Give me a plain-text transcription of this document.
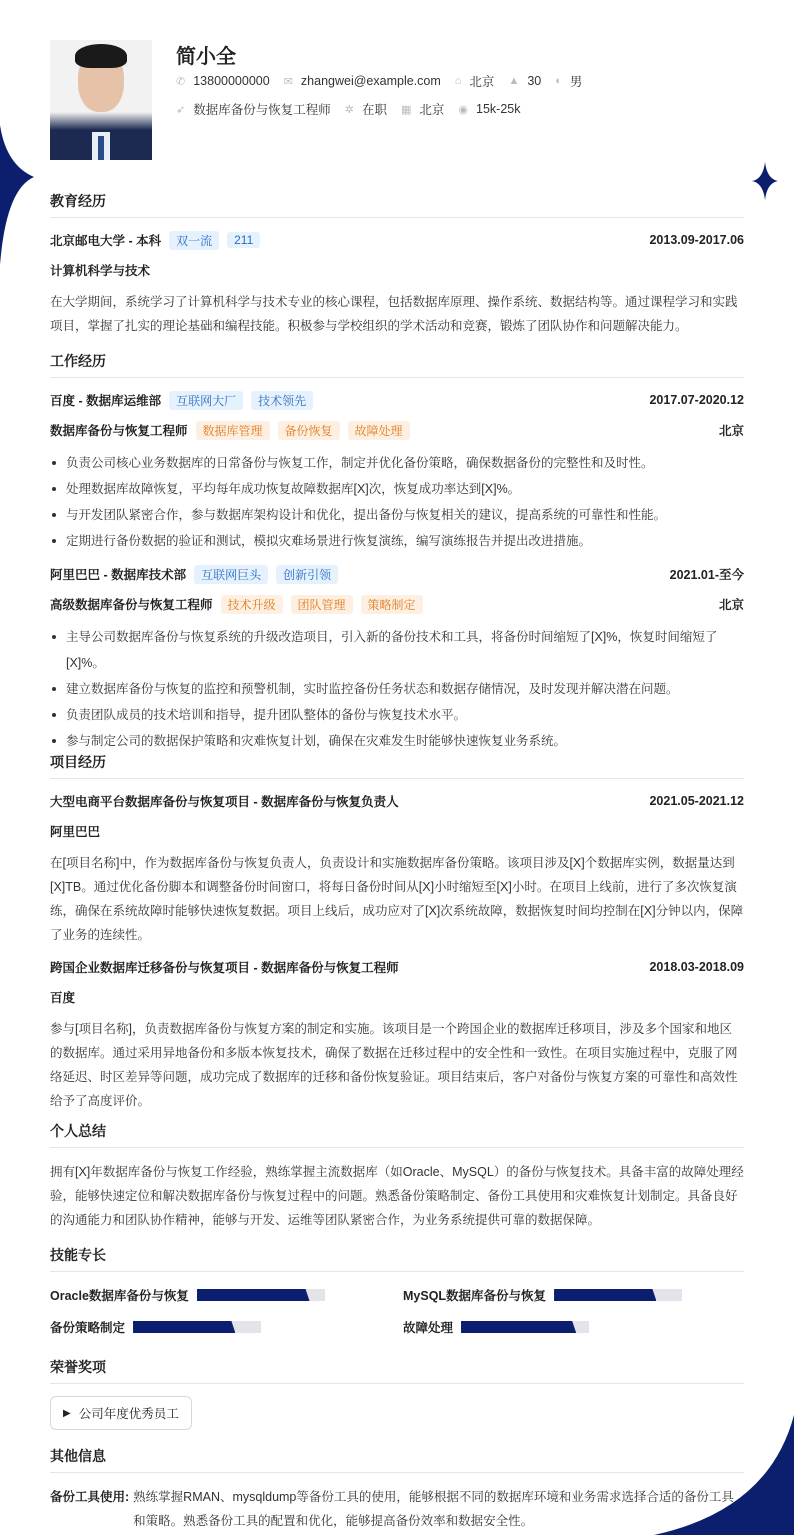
简小全
✆ 13800000000 ✉ zhangwei@example.com ⌂ 北京 ▲ 30 ◐ 男
➶ 数据库备份与恢复工程师 ✲ 在职 ▦ 北京 ◉ 15k-25k
教育经历
北京邮电大学 - 本科	双一流	211	2013.09-2017.06
计算机科学与技术

在大学期间，系统学习了计算机科学与技术专业的核心课程，包括数据库原理、操作系统、数据结构等。通过课程学习和实践项目，掌握了扎实的理论基础和编程技能。积极参与学校组织的学术活动和竞赛，锻炼了团队协作和问题解决能力。

工作经历
百度 - 数据库运维部	互联网大厂	技术领先	2017.07-2020.12
数据库备份与恢复工程师	数据库管理	备份恢复	故障处理	北京
负责公司核心业务数据库的日常备份与恢复工作，制定并优化备份策略，确保数据备份的完整性和及时性。
处理数据库故障恢复，平均每年成功恢复故障数据库[X]次，恢复成功率达到[X]%。
与开发团队紧密合作，参与数据库架构设计和优化，提出备份与恢复相关的建议，提高系统的可靠性和性能。
定期进行备份数据的验证和测试，模拟灾难场景进行恢复演练，编写演练报告并提出改进措施。
阿里巴巴 - 数据库技术部	互联网巨头	创新引领	2021.01-至今
高级数据库备份与恢复工程师	技术升级	团队管理	策略制定	北京
主导公司数据库备份与恢复系统的升级改造项目，引入新的备份技术和工具，将备份时间缩短了[X]%，恢复时间缩短了[X]%。
建立数据库备份与恢复的监控和预警机制，实时监控备份任务状态和数据存储情况，及时发现并解决潜在问题。
负责团队成员的技术培训和指导，提升团队整体的备份与恢复技术水平。
参与制定公司的数据保护策略和灾难恢复计划，确保在灾难发生时能够快速恢复业务系统。
项目经历
大型电商平台数据库备份与恢复项目 - 数据库备份与恢复负责人	2021.05-2021.12
阿里巴巴

在[项目名称]中，作为数据库备份与恢复负责人，负责设计和实施数据库备份策略。该项目涉及[X]个数据库实例，数据量达到[X]TB。通过优化备份脚本和调整备份时间窗口，将每日备份时间从[X]小时缩短至[X]小时。在项目上线前，进行了多次恢复演练，确保在系统故障时能够快速恢复数据。项目上线后，成功应对了[X]次系统故障，数据恢复时间均控制在[X]分钟以内，保障了业务的连续性。

跨国企业数据库迁移备份与恢复项目 - 数据库备份与恢复工程师	2018.03-2018.09
百度

参与[项目名称]，负责数据库备份与恢复方案的制定和实施。该项目是一个跨国企业的数据库迁移项目，涉及多个国家和地区的数据库。通过采用异地备份和多版本恢复技术，确保了数据在迁移过程中的安全性和一致性。在项目实施过程中，克服了网络延迟、时区差异等问题，成功完成了数据库的迁移和备份恢复验证。项目结束后，客户对备份与恢复方案的可靠性和高效性给予了高度评价。

个人总结

拥有[X]年数据库备份与恢复工作经验，熟练掌握主流数据库（如Oracle、MySQL）的备份与恢复技术。具备丰富的故障处理经验，能够快速定位和解决数据库备份与恢复过程中的问题。熟悉备份策略制定、备份工具使用和灾难恢复计划制定。具备良好的沟通能力和团队协作精神，能够与开发、运维等团队紧密合作，为业务系统提供可靠的数据保障。

技能专长
Oracle数据库备份与恢复	MySQL数据库备份与恢复
备份策略制定	故障处理
荣誉奖项
▶ 公司年度优秀员工
其他信息
备份工具使用: 熟练掌握RMAN、mysqldump等备份工具的使用，能够根据不同的数据库环境和业务需求选择合适的备份工具和策略。熟悉备份工具的配置和优化，能够提高备份效率和数据安全性。
